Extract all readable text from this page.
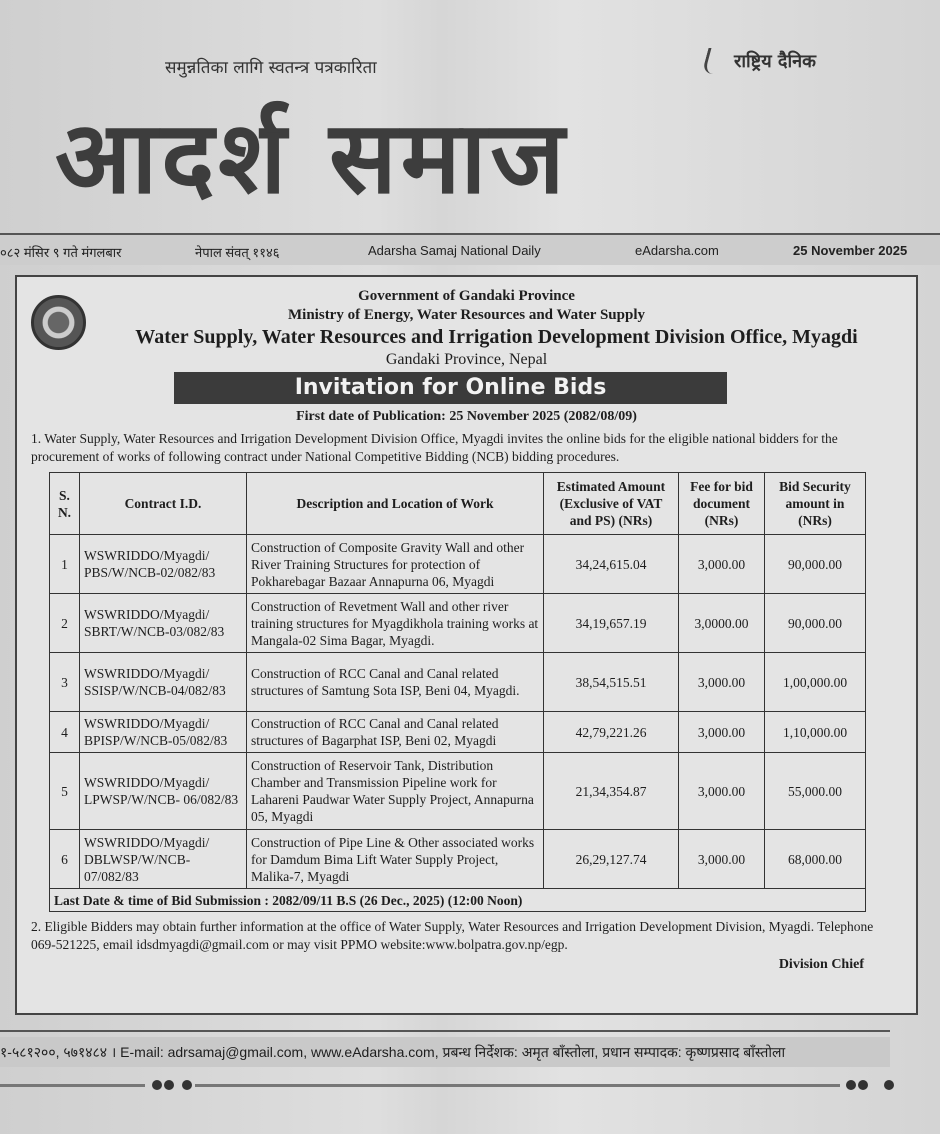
समुन्नतिका लागि स्वतन्त्र पत्रकारिता	राष्ट्रिय दैनिक
आदर्श समाज
०८२ मंसिर ९ गते मंगलबार	नेपाल संवत् ११४६	Adarsha Samaj National Daily	eAdarsha.com	25 November 2025
Government of Gandaki Province
Ministry of Energy, Water Resources and Water Supply
Water Supply, Water Resources and Irrigation Development Division Office, Myagdi
Gandaki Province, Nepal
Invitation for Online Bids
First date of Publication: 25 November 2025 (2082/08/09)
1. Water Supply, Water Resources and Irrigation Development Division Office, Myagdi invites the online bids for the eligible national bidders for the procurement of works of following contract under National Competitive Bidding (NCB) bidding procedures.
S. N.	Contract I.D.	Description and Location of Work	Estimated Amount (Exclusive of VAT and PS) (NRs)	Fee for bid document (NRs)	Bid Security amount in (NRs)
1	WSWRIDDO/Myagdi/ PBS/W/NCB-02/082/83	Construction of Composite Gravity Wall and other River Training Structures for protection of Pokharebagar Bazaar Annapurna 06, Myagdi	34,24,615.04	3,000.00	90,000.00
2	WSWRIDDO/Myagdi/ SBRT/W/NCB-03/082/83	Construction of Revetment Wall and other river training structures for Myagdikhola training works at Mangala-02 Sima Bagar, Myagdi.	34,19,657.19	3,0000.00	90,000.00
3	WSWRIDDO/Myagdi/ SSISP/W/NCB-04/082/83	Construction of RCC Canal and Canal related structures of Samtung Sota ISP, Beni 04, Myagdi.	38,54,515.51	3,000.00	1,00,000.00
4	WSWRIDDO/Myagdi/ BPISP/W/NCB-05/082/83	Construction of RCC Canal and Canal related structures of Bagarphat ISP, Beni 02, Myagdi	42,79,221.26	3,000.00	1,10,000.00
5	WSWRIDDO/Myagdi/ LPWSP/W/NCB- 06/082/83	Construction of Reservoir Tank, Distribution Chamber and Transmission Pipeline work for Lahareni Paudwar Water Supply Project, Annapurna 05, Myagdi	21,34,354.87	3,000.00	55,000.00
6	WSWRIDDO/Myagdi/ DBLWSP/W/NCB- 07/082/83	Construction of Pipe Line & Other associated works for Damdum Bima Lift Water Supply Project, Malika-7, Myagdi	26,29,127.74	3,000.00	68,000.00
Last Date & time of Bid Submission : 2082/09/11 B.S (26 Dec., 2025) (12:00 Noon)					
2. Eligible Bidders may obtain further information at the office of Water Supply, Water Resources and Irrigation Development Division, Myagdi. Telephone 069-521225, email idsdmyagdi@gmail.com or may visit PPMO website:www.bolpatra.gov.np/egp.
Division Chief
१-५८१२००, ५७१४८४ । E-mail: adrsamaj@gmail.com, www.eAdarsha.com, प्रबन्ध निर्देशक: अमृत बाँस्तोला, प्रधान सम्पादक: कृष्णप्रसाद बाँस्तोला
